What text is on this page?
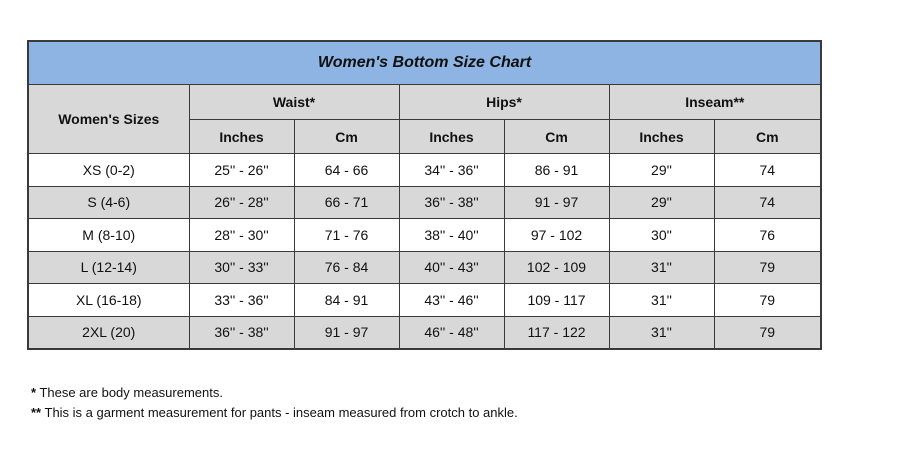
Women's Bottom Size Chart						
Women's Sizes	Waist*		Hips*		Inseam**	
	Inches	Cm	Inches	Cm	Inches	Cm
XS (0-2)	25'' - 26''	64 - 66	34'' - 36''	86 - 91	29''	74
S (4-6)	26'' - 28''	66 - 71	36'' - 38''	91 - 97	29''	74
M (8-10)	28'' - 30''	71 - 76	38'' - 40''	97 - 102	30''	76
L (12-14)	30'' - 33''	76 - 84	40'' - 43''	102 - 109	31''	79
XL (16-18)	33'' - 36''	84 - 91	43'' - 46''	109 - 117	31''	79
2XL (20)	36'' - 38''	91 - 97	46'' - 48''	117 - 122	31''	79
* These are body measurements.
** This is a garment measurement for pants - inseam measured from crotch to ankle.
